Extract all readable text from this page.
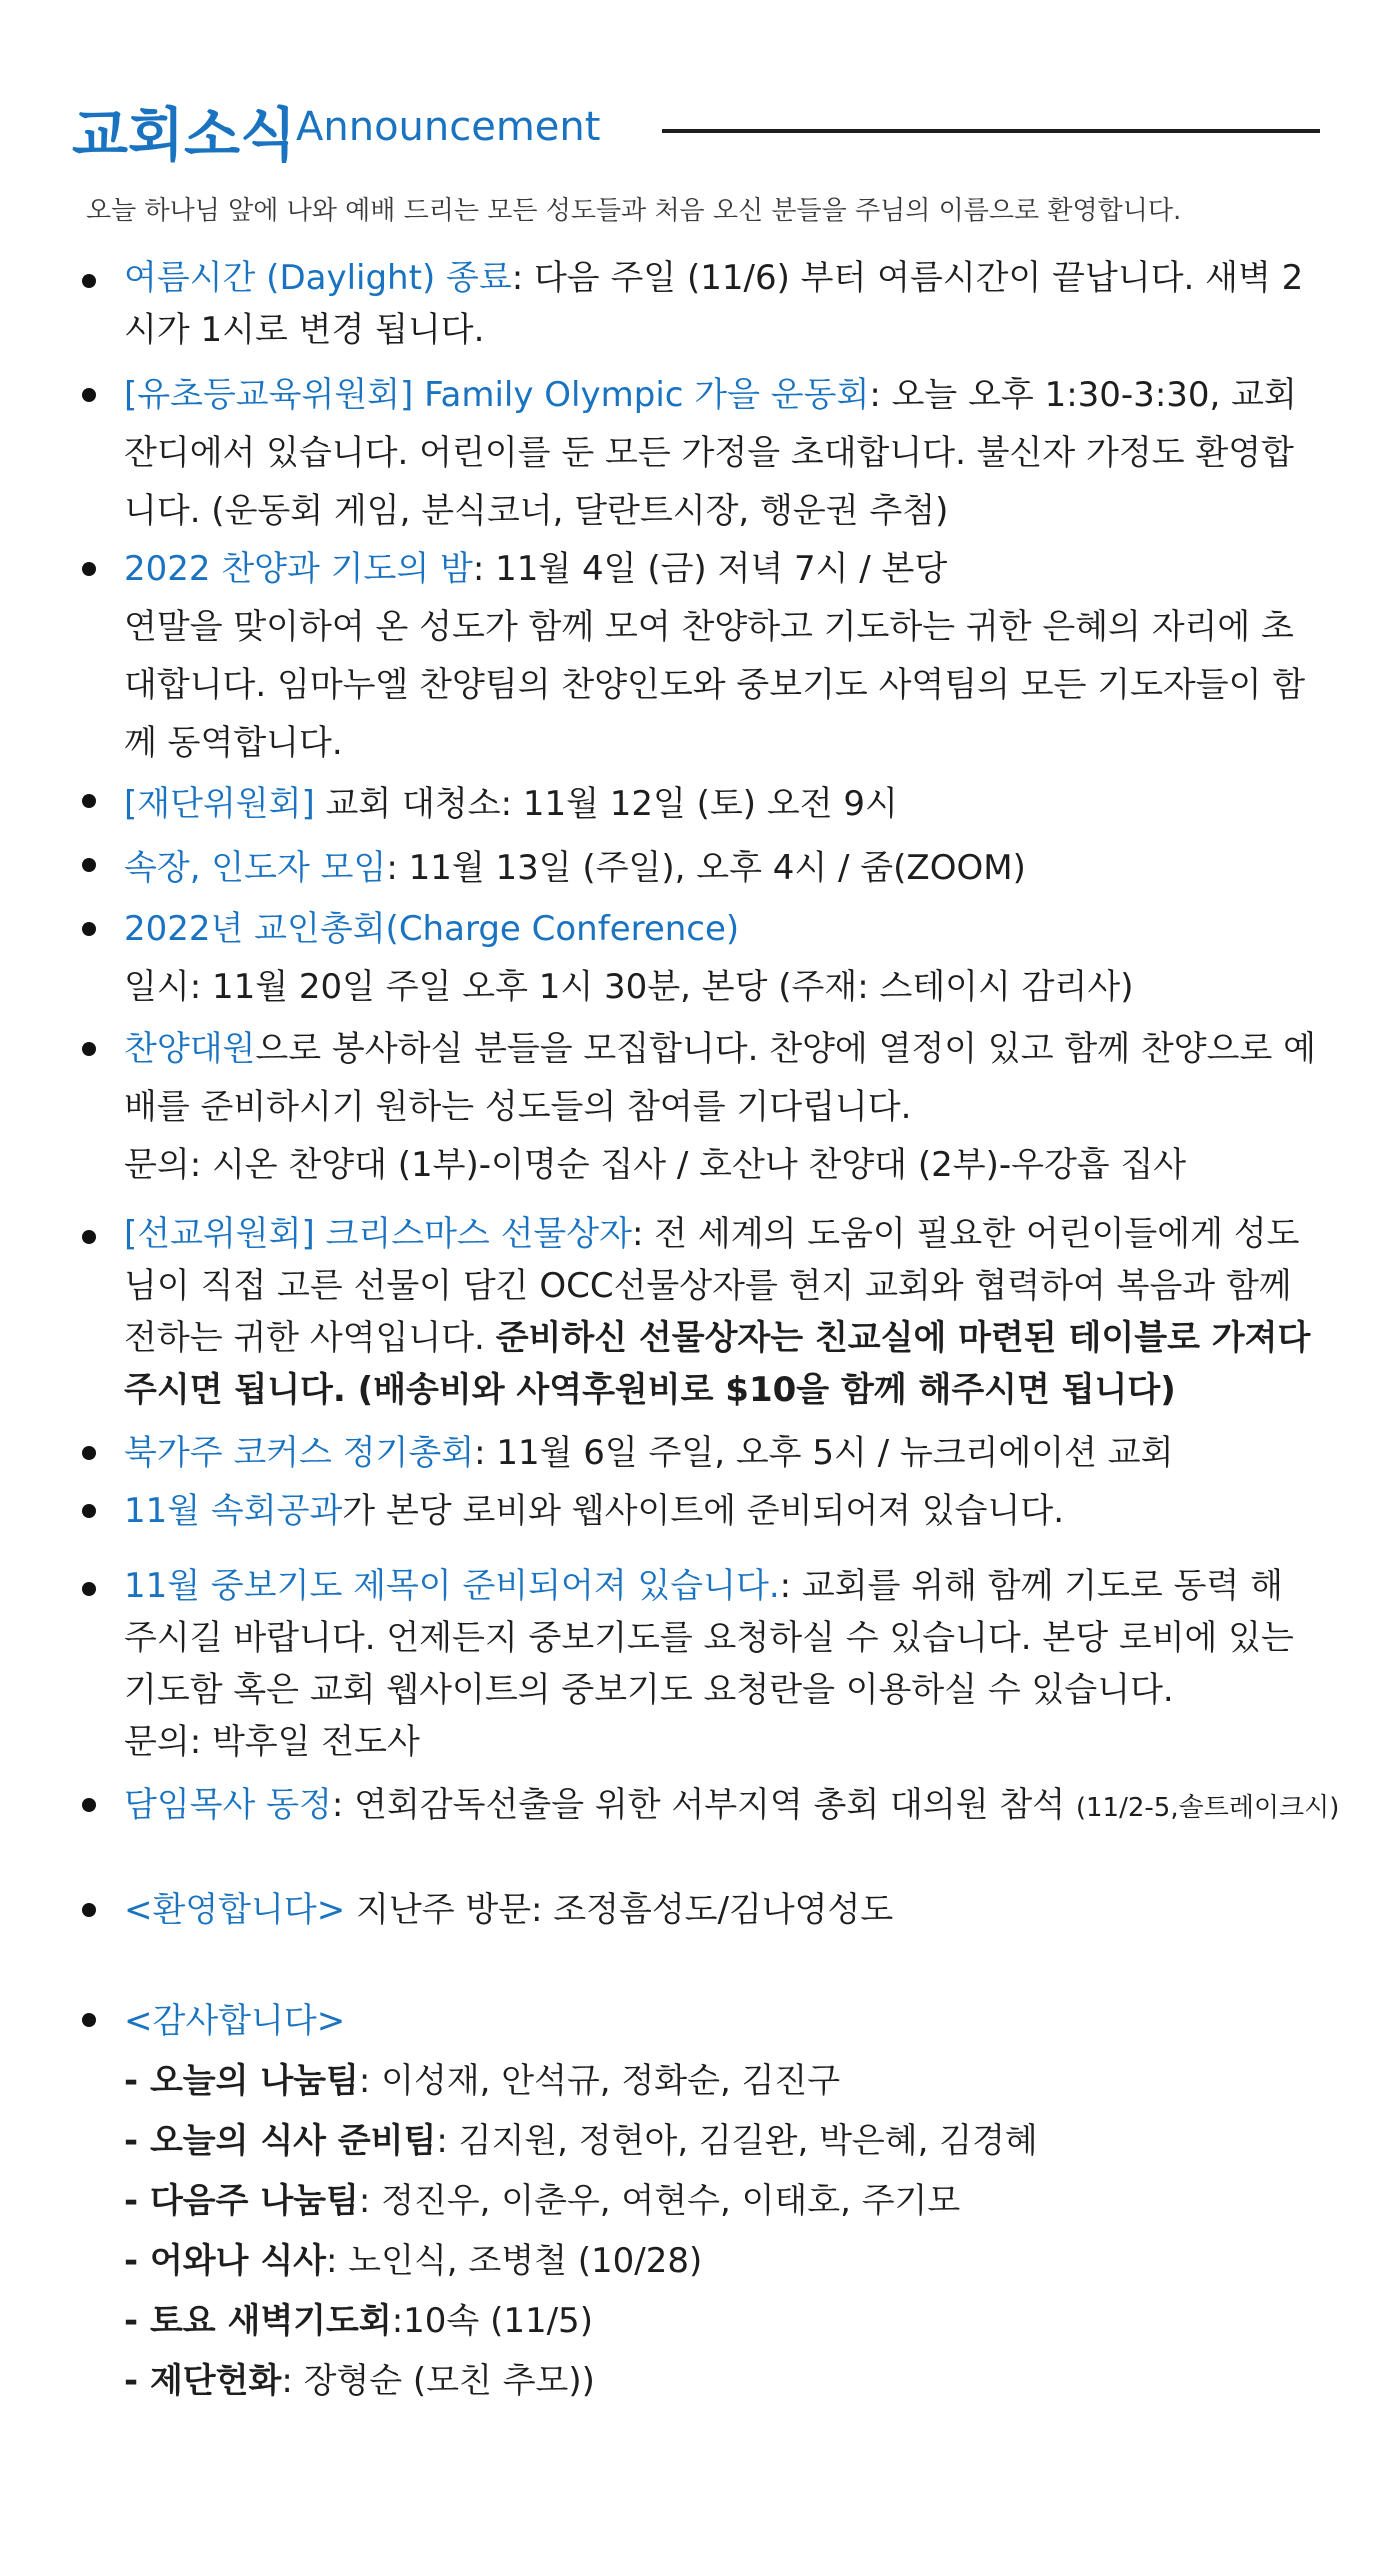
교회소식 Announcement
오늘 하나님 앞에 나와 예배 드리는 모든 성도들과 처음 오신 분들을 주님의 이름으로 환영합니다.
여름시간 (Daylight) 종료: 다음 주일 (11/6) 부터 여름시간이 끝납니다. 새벽 2시가 1시로 변경 됩니다.
[유초등교육위원회] Family Olympic 가을 운동회: 오늘 오후 1:30-3:30, 교회 잔디에서 있습니다. 어린이를 둔 모든 가정을 초대합니다. 불신자 가정도 환영합니다. (운동회 게임, 분식코너, 달란트시장, 행운권 추첨)
2022 찬양과 기도의 밤: 11월 4일 (금) 저녁 7시 / 본당
연말을 맞이하여 온 성도가 함께 모여 찬양하고 기도하는 귀한 은혜의 자리에 초대합니다. 임마누엘 찬양팀의 찬양인도와 중보기도 사역팀의 모든 기도자들이 함께 동역합니다.
[재단위원회] 교회 대청소: 11월 12일 (토) 오전 9시
속장, 인도자 모임: 11월 13일 (주일), 오후 4시 / 줌(ZOOM)
2022년 교인총회(Charge Conference)
일시: 11월 20일 주일 오후 1시 30분, 본당 (주재: 스테이시 감리사)
찬양대원으로 봉사하실 분들을 모집합니다. 찬양에 열정이 있고 함께 찬양으로 예배를 준비하시기 원하는 성도들의 참여를 기다립니다.
문의: 시온 찬양대 (1부)-이명순 집사 / 호산나 찬양대 (2부)-우강흡 집사
[선교위원회] 크리스마스 선물상자: 전 세계의 도움이 필요한 어린이들에게 성도님이 직접 고른 선물이 담긴 OCC선물상자를 현지 교회와 협력하여 복음과 함께 전하는 귀한 사역입니다. 준비하신 선물상자는 친교실에 마련된 테이블로 가져다 주시면 됩니다. (배송비와 사역후원비로 $10을 함께 해주시면 됩니다)
북가주 코커스 정기총회: 11월 6일 주일, 오후 5시 / 뉴크리에이션 교회
11월 속회공과가 본당 로비와 웹사이트에 준비되어져 있습니다.
11월 중보기도 제목이 준비되어져 있습니다.: 교회를 위해 함께 기도로 동력 해 주시길 바랍니다. 언제든지 중보기도를 요청하실 수 있습니다. 본당 로비에 있는 기도함 혹은 교회 웹사이트의 중보기도 요청란을 이용하실 수 있습니다.
문의: 박후일 전도사
담임목사 동정: 연회감독선출을 위한 서부지역 총회 대의원 참석 (11/2-5,솔트레이크시)
<환영합니다> 지난주 방문: 조정흠성도/김나영성도
<감사합니다>
- 오늘의 나눔팀: 이성재, 안석규, 정화순, 김진구
- 오늘의 식사 준비팀: 김지원, 정현아, 김길완, 박은혜, 김경혜
- 다음주 나눔팀: 정진우, 이춘우, 여현수, 이태호, 주기모
- 어와나 식사: 노인식, 조병철 (10/28)
- 토요 새벽기도회:10속 (11/5)
- 제단헌화: 장형순 (모친 추모))
